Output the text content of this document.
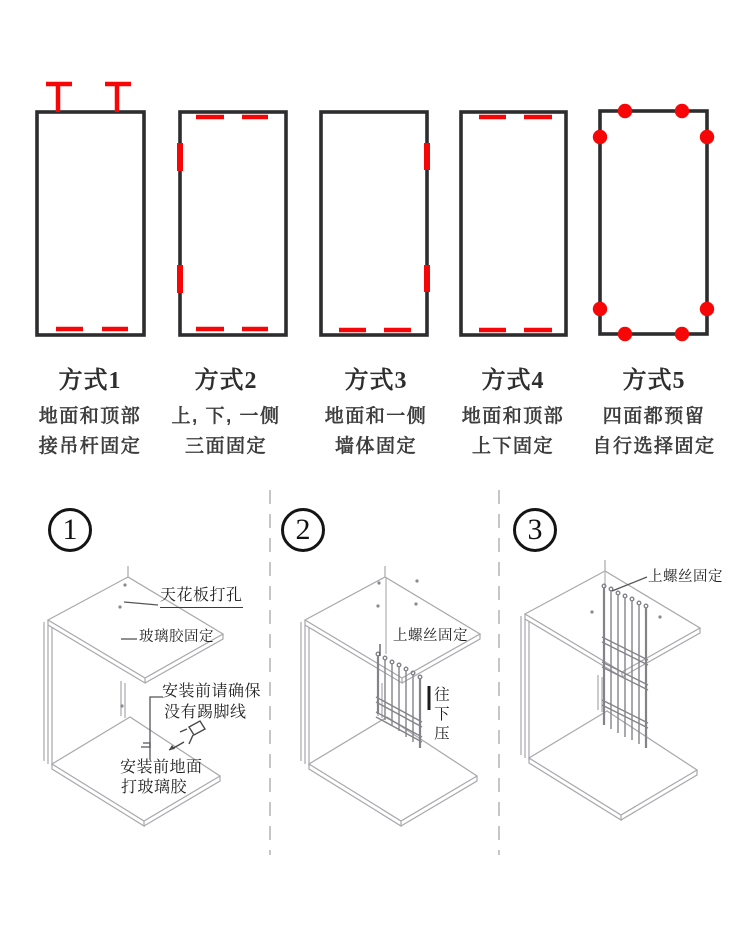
方式1
地面和顶部
接吊杆固定
方式2
上, 下, 一侧
三面固定
方式3
地面和一侧
墙体固定
方式4
地面和顶部
上下固定
方式5
四面都预留
自行选择固定
1	2	3
天花板打孔
玻璃胶固定
安装前请确保
没有踢脚线
安装前地面
打玻璃胶
上螺丝固定
往下压
上螺丝固定
